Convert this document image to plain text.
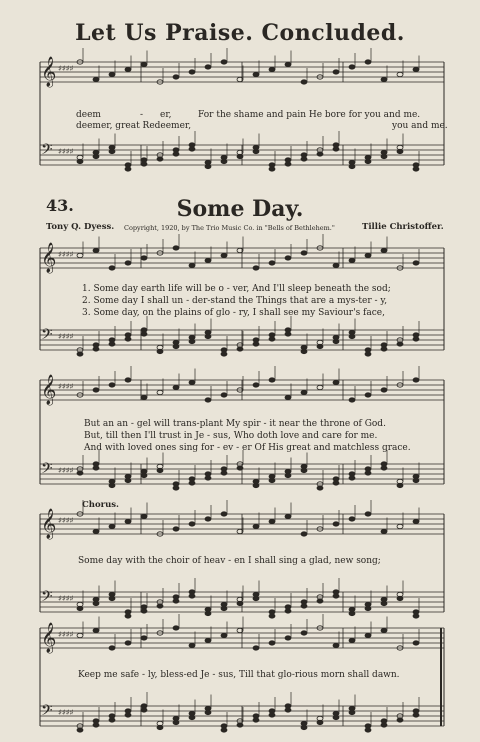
𝄞 ♯♯♯♯
𝄢 ♯♯♯♯
𝄞 ♯♯♯♯
𝄢 ♯♯♯♯
𝄞 ♯♯♯♯
𝄢 ♯♯♯♯
𝄞 ♯♯♯♯
𝄢 ♯♯♯♯
𝄞 ♯♯♯♯
𝄢 ♯♯♯♯
Let Us Praise. Concluded.
deem	- er,	For the shame and pain He bore for you and me.
deemer, great Redeemer,	you and me.
43.	Some Day.
Tony Q. Dyess. Copyright, 1920, by The Trio Music Co. in "Bells of Bethlehem."	Tillie Christoffer.
1. Some day earth life will be o - ver, And I'll sleep beneath the sod;
2. Some day I shall un - der-stand the Things that are a mys-ter - y,
3. Some day, on the plains of glo - ry, I shall see my Saviour's face,
But an an - gel will trans-plant My spir - it near the throne of God.
But, till then I'll trust in Je - sus, Who doth love and care for me.
And with loved ones sing for - ev - er Of His great and matchless grace.
Chorus.
Some day with the choir of heav - en I shall sing a glad, new song;
Keep me safe - ly, bless-ed Je - sus, Till that glo-rious morn shall dawn.
